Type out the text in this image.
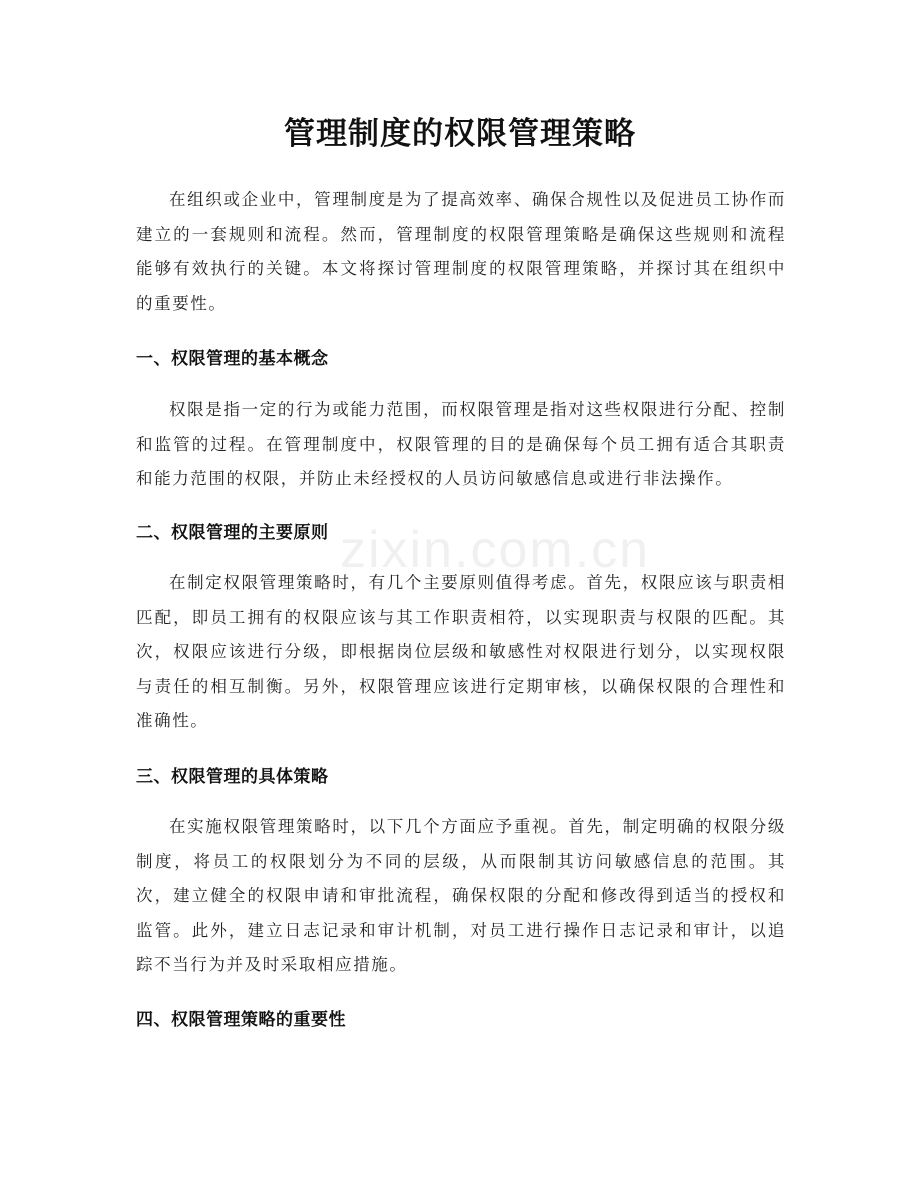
zixin.com.cn
管理制度的权限管理策略

在组织或企业中，管理制度是为了提高效率、确保合规性以及促进员工协作而建立的一套规则和流程。然而，管理制度的权限管理策略是确保这些规则和流程能够有效执行的关键。本文将探讨管理制度的权限管理策略，并探讨其在组织中的重要性。

一、权限管理的基本概念

权限是指一定的行为或能力范围，而权限管理是指对这些权限进行分配、控制和监管的过程。在管理制度中，权限管理的目的是确保每个员工拥有适合其职责和能力范围的权限，并防止未经授权的人员访问敏感信息或进行非法操作。

二、权限管理的主要原则

在制定权限管理策略时，有几个主要原则值得考虑。首先，权限应该与职责相匹配，即员工拥有的权限应该与其工作职责相符，以实现职责与权限的匹配。其次，权限应该进行分级，即根据岗位层级和敏感性对权限进行划分，以实现权限与责任的相互制衡。另外，权限管理应该进行定期审核，以确保权限的合理性和准确性。

三、权限管理的具体策略

在实施权限管理策略时，以下几个方面应予重视。首先，制定明确的权限分级制度，将员工的权限划分为不同的层级，从而限制其访问敏感信息的范围。其次，建立健全的权限申请和审批流程，确保权限的分配和修改得到适当的授权和监管。此外，建立日志记录和审计机制，对员工进行操作日志记录和审计，以追踪不当行为并及时采取相应措施。

四、权限管理策略的重要性
